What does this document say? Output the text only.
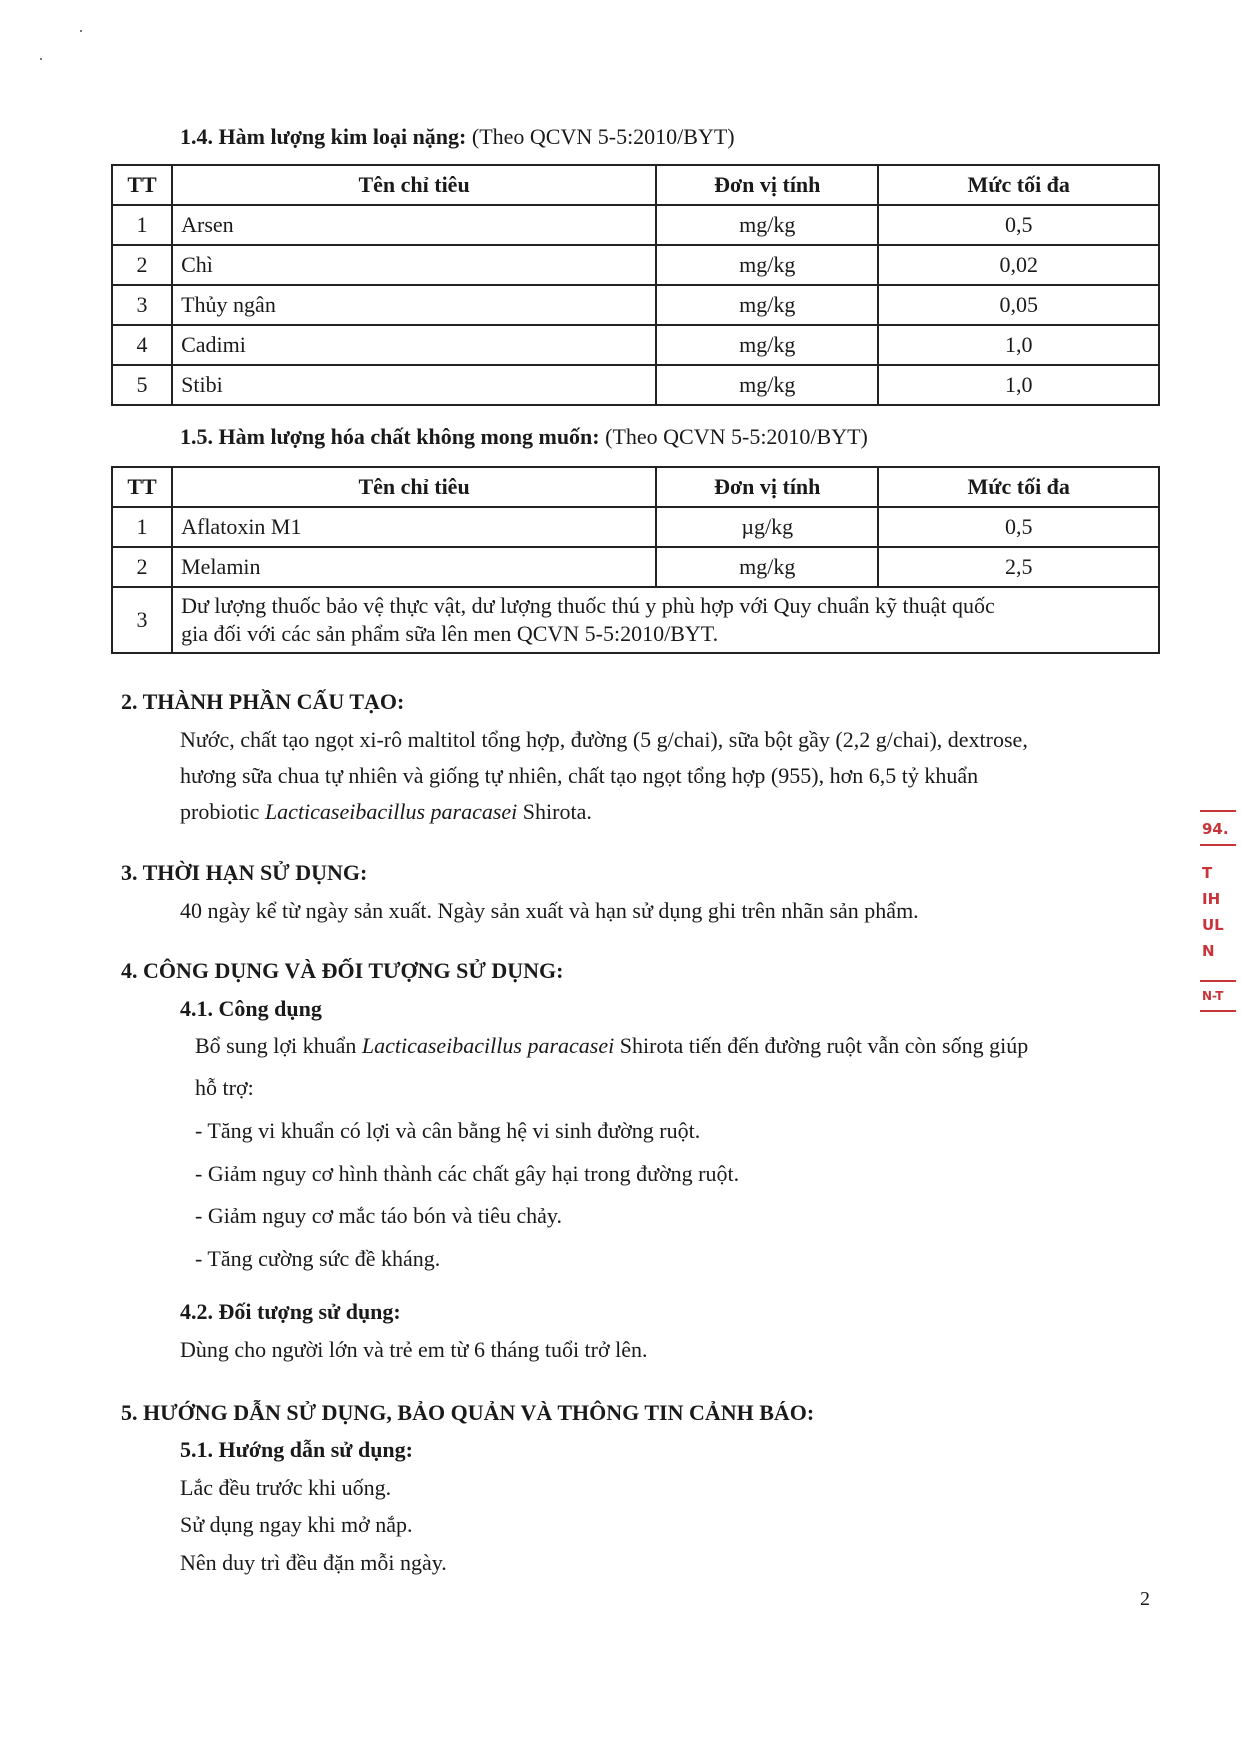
1.4. Hàm lượng kim loại nặng: (Theo QCVN 5-5:2010/BYT)
TT	Tên chỉ tiêu	Đơn vị tính	Mức tối đa
1	Arsen	mg/kg	0,5
2	Chì	mg/kg	0,02
3	Thủy ngân	mg/kg	0,05
4	Cadimi	mg/kg	1,0
5	Stibi	mg/kg	1,0
1.5. Hàm lượng hóa chất không mong muốn: (Theo QCVN 5-5:2010/BYT)
TT	Tên chỉ tiêu	Đơn vị tính	Mức tối đa
1	Aflatoxin M1	µg/kg	0,5
2	Melamin	mg/kg	2,5
3	Dư lượng thuốc bảo vệ thực vật, dư lượng thuốc thú y phù hợp với Quy chuẩn kỹ thuật quốc
gia đối với các sản phẩm sữa lên men QCVN 5-5:2010/BYT.		
2. THÀNH PHẦN CẤU TẠO:
Nước, chất tạo ngọt xi-rô maltitol tổng hợp, đường (5 g/chai), sữa bột gầy (2,2 g/chai), dextrose,
hương sữa chua tự nhiên và giống tự nhiên, chất tạo ngọt tổng hợp (955), hơn 6,5 tỷ khuẩn
probiotic Lacticaseibacillus paracasei Shirota.
3. THỜI HẠN SỬ DỤNG:
40 ngày kể từ ngày sản xuất. Ngày sản xuất và hạn sử dụng ghi trên nhãn sản phẩm.
4. CÔNG DỤNG VÀ ĐỐI TƯỢNG SỬ DỤNG:
4.1. Công dụng
Bổ sung lợi khuẩn Lacticaseibacillus paracasei Shirota tiến đến đường ruột vẫn còn sống giúp
hỗ trợ:
- Tăng vi khuẩn có lợi và cân bằng hệ vi sinh đường ruột.
- Giảm nguy cơ hình thành các chất gây hại trong đường ruột.
- Giảm nguy cơ mắc táo bón và tiêu chảy.
- Tăng cường sức đề kháng.
4.2. Đối tượng sử dụng:
Dùng cho người lớn và trẻ em từ 6 tháng tuổi trở lên.
5. HƯỚNG DẪN SỬ DỤNG, BẢO QUẢN VÀ THÔNG TIN CẢNH BÁO:
5.1. Hướng dẫn sử dụng:
Lắc đều trước khi uống.
Sử dụng ngay khi mở nắp.
Nên duy trì đều đặn mỗi ngày.
2
94.
T
IH
UL
N
N-T
